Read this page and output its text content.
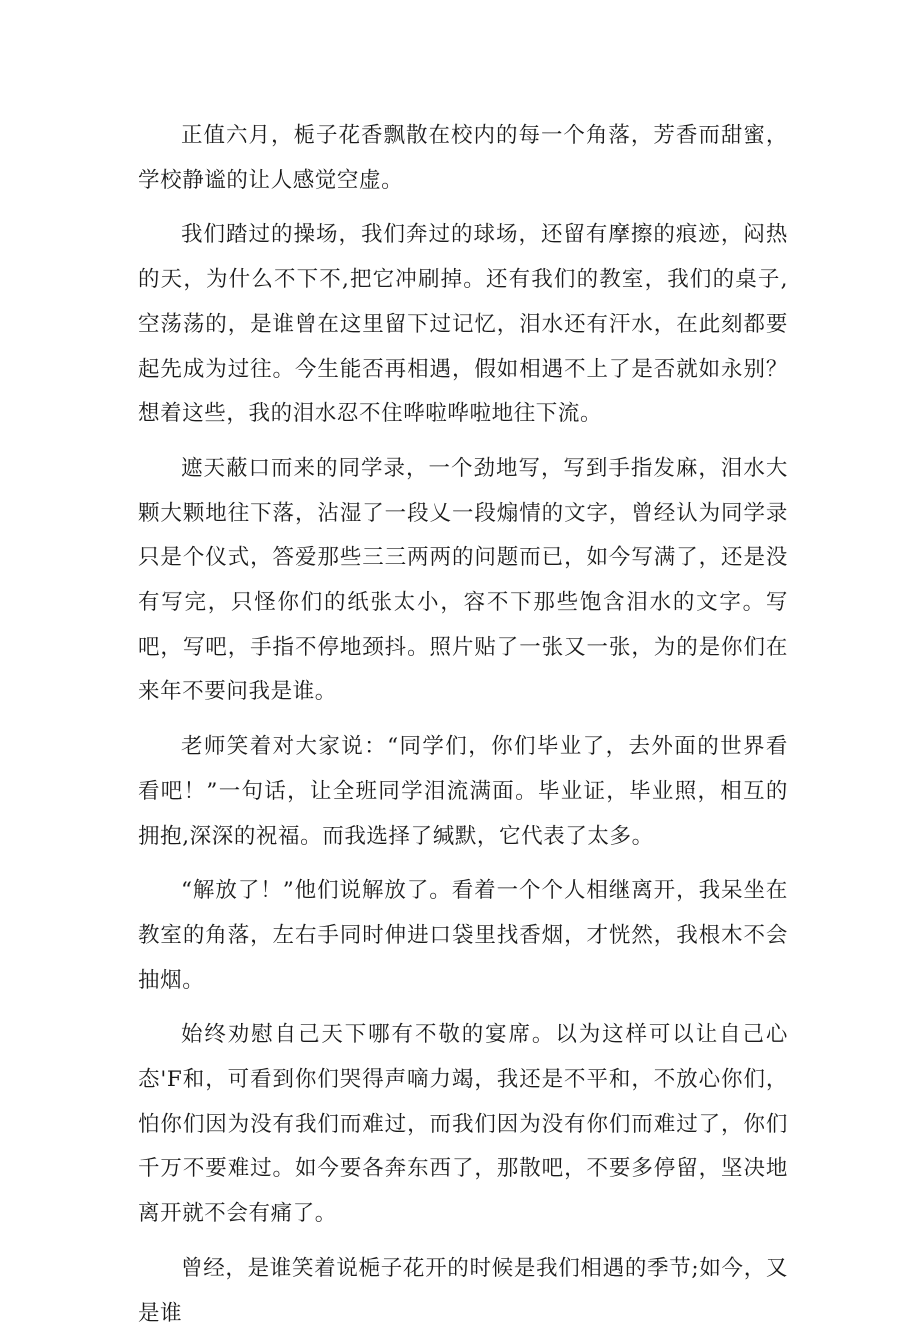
正值六月，栀子花香飘散在校内的每一个角落，芳香而甜蜜，学校静谧的让人感觉空虚。

我们踏过的操场，我们奔过的球场，还留有摩擦的痕迹，闷热的天，为什么不下不,把它冲刷掉。还有我们的教室，我们的桌子,空荡荡的，是谁曾在这里留下过记忆，泪水还有汗水，在此刻都要起先成为过往。今生能否再相遇，假如相遇不上了是否就如永别？想着这些，我的泪水忍不住哗啦哗啦地往下流。

遮天蔽口而来的同学录，一个劲地写，写到手指发麻，泪水大颗大颗地往下落，沾湿了一段乂一段煽情的文字，曾经认为同学录只是个仪式，答爱那些三三两两的问题而已，如今写满了，还是没有写完，只怪你们的纸张太小，容不下那些饱含泪水的文字。写吧，写吧，手指不停地颈抖。照片贴了一张又一张，为的是你们在来年不要问我是谁。

老师笑着对大家说：“同学们，你们毕业了，去外面的世界看看吧！”一句话，让全班同学泪流满面。毕业证，毕业照，相互的拥抱,深深的祝福。而我选择了缄默，它代表了太多。

“解放了！”他们说解放了。看着一个个人相继离开，我呆坐在教室的角落，左右手同时伸进口袋里找香烟，才恍然，我根木不会抽烟。

始终劝慰自己天下哪有不敬的宴席。以为这样可以让自己心态'F和，可看到你们哭得声嘀力竭，我还是不平和，不放心你们，怕你们因为没有我们而难过，而我们因为没有你们而难过了，你们千万不要难过。如今要各奔东西了，那散吧，不要多停留，坚决地离开就不会有痛了。

曾经，是谁笑着说梔子花开的时候是我们相遇的季节;如今，又是谁
